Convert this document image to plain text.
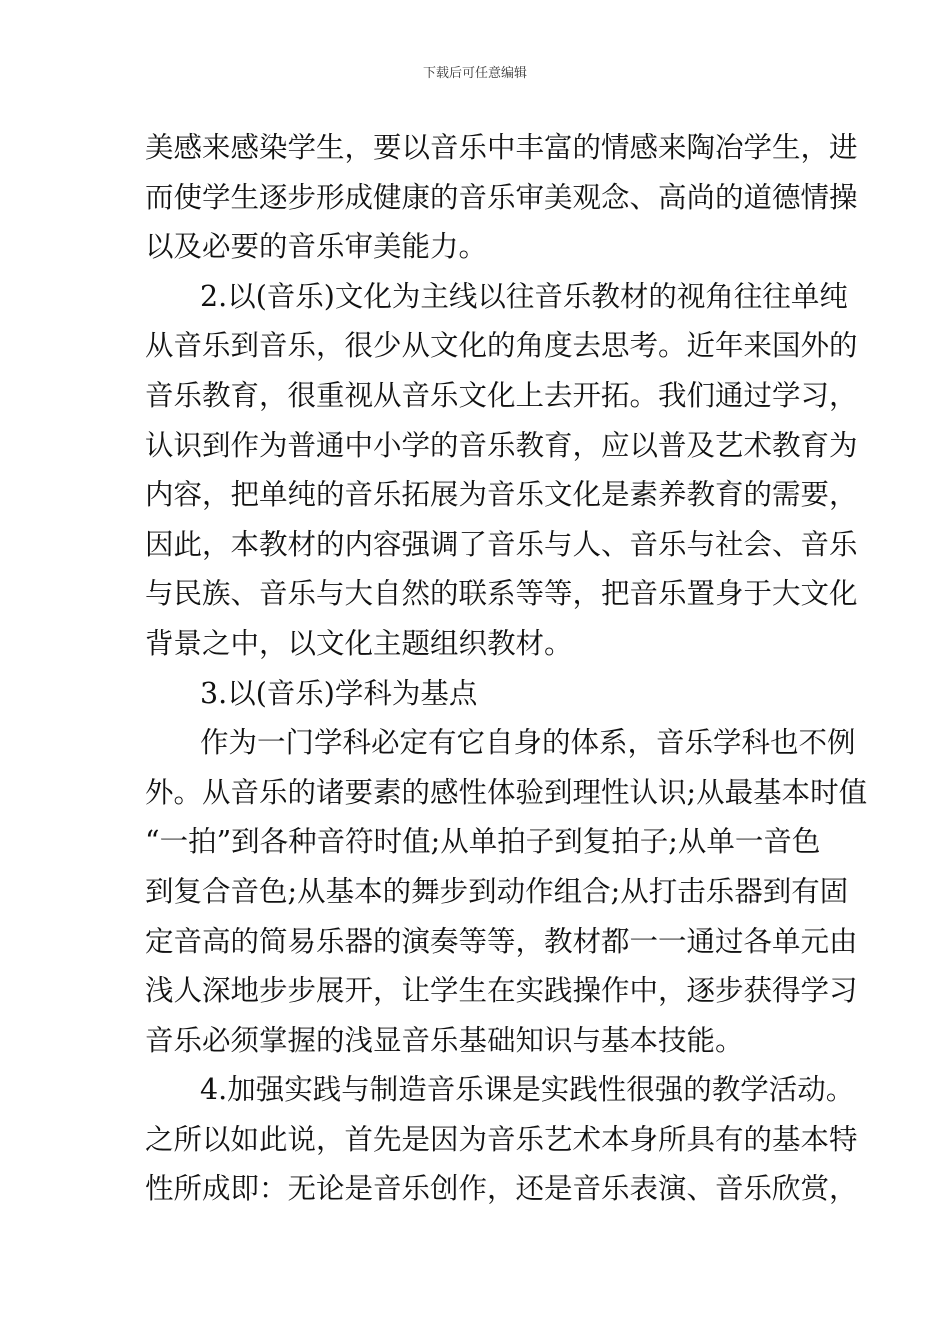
下载后可任意编辑
美感来感染学生，要以音乐中丰富的情感来陶冶学生，进
而使学生逐步形成健康的音乐审美观念、高尚的道德情操
以及必要的音乐审美能力。
2.以(音乐)文化为主线以往音乐教材的视角往往单纯
从音乐到音乐，很少从文化的角度去思考。近年来国外的
音乐教育，很重视从音乐文化上去开拓。我们通过学习，
认识到作为普通中小学的音乐教育，应以普及艺术教育为
内容，把单纯的音乐拓展为音乐文化是素养教育的需要，
因此，本教材的内容强调了音乐与人、音乐与社会、音乐
与民族、音乐与大自然的联系等等，把音乐置身于大文化
背景之中，以文化主题组织教材。
3.以(音乐)学科为基点
作为一门学科必定有它自身的体系，音乐学科也不例
外。从音乐的诸要素的感性体验到理性认识;从最基本时值
“一拍”到各种音符时值;从单拍子到复拍子;从单一音色
到复合音色;从基本的舞步到动作组合;从打击乐器到有固
定音高的简易乐器的演奏等等，教材都一一通过各单元由
浅人深地步步展开，让学生在实践操作中，逐步获得学习
音乐必须掌握的浅显音乐基础知识与基本技能。
4.加强实践与制造音乐课是实践性很强的教学活动。
之所以如此说，首先是因为音乐艺术本身所具有的基本特
性所成即：无论是音乐创作，还是音乐表演、音乐欣赏，
